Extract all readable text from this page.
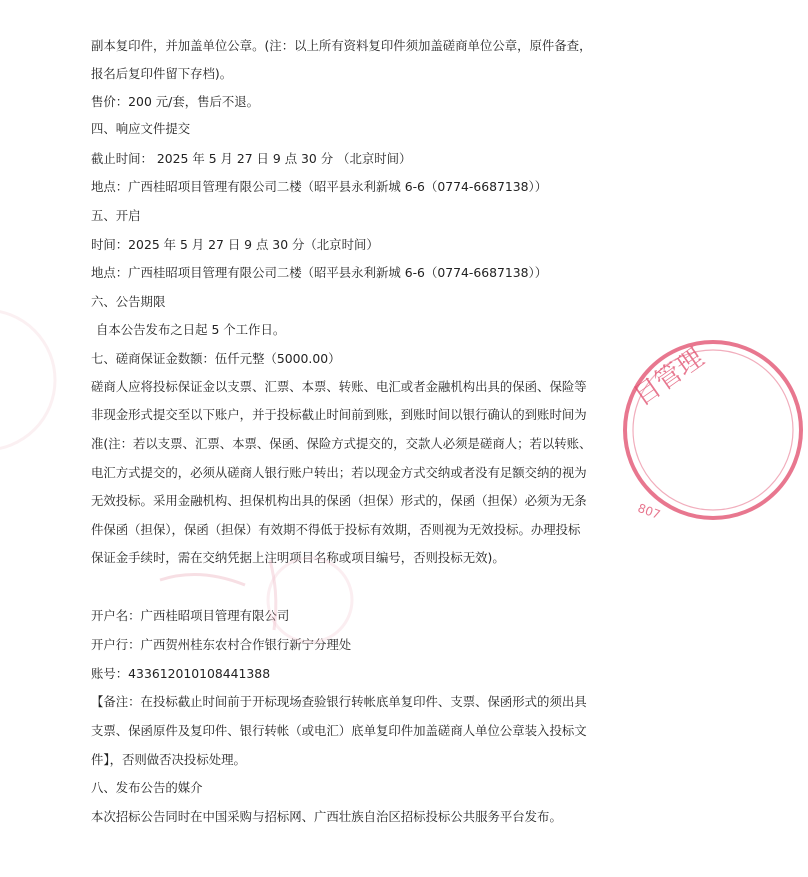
副本复印件，并加盖单位公章。(注：以上所有资料复印件须加盖磋商单位公章，原件备查，
报名后复印件留下存档)。
售价：200 元/套，售后不退。
四、响应文件提交
截止时间： 2025 年 5 月 27 日 9 点 30 分 （北京时间）
地点：广西桂昭项目管理有限公司二楼（昭平县永利新城 6-6（0774-6687138））
五、开启
时间：2025 年 5 月 27 日 9 点 30 分（北京时间）
地点：广西桂昭项目管理有限公司二楼（昭平县永利新城 6-6（0774-6687138））
六、公告期限
自本公告发布之日起 5 个工作日。
七、磋商保证金数额：伍仟元整（5000.00）
磋商人应将投标保证金以支票、汇票、本票、转账、电汇或者金融机构出具的保函、保险等
非现金形式提交至以下账户，并于投标截止时间前到账，到账时间以银行确认的到账时间为
准(注：若以支票、汇票、本票、保函、保险方式提交的，交款人必须是磋商人；若以转账、
电汇方式提交的，必须从磋商人银行账户转出；若以现金方式交纳或者没有足额交纳的视为
无效投标。采用金融机构、担保机构出具的保函（担保）形式的，保函（担保）必须为无条
件保函（担保），保函（担保）有效期不得低于投标有效期，否则视为无效投标。办理投标
保证金手续时，需在交纳凭据上注明项目名称或项目编号，否则投标无效)。
开户名：广西桂昭项目管理有限公司
开户行：广西贺州桂东农村合作银行新宁分理处
账号：433612010108441388
【备注：在投标截止时间前于开标现场查验银行转帐底单复印件、支票、保函形式的须出具
支票、保函原件及复印件、银行转帐（或电汇）底单复印件加盖磋商人单位公章装入投标文
件】，否则做否决投标处理。
八、发布公告的媒介
本次招标公告同时在中国采购与招标网、广西壮族自治区招标投标公共服务平台发布。
目管理
807
